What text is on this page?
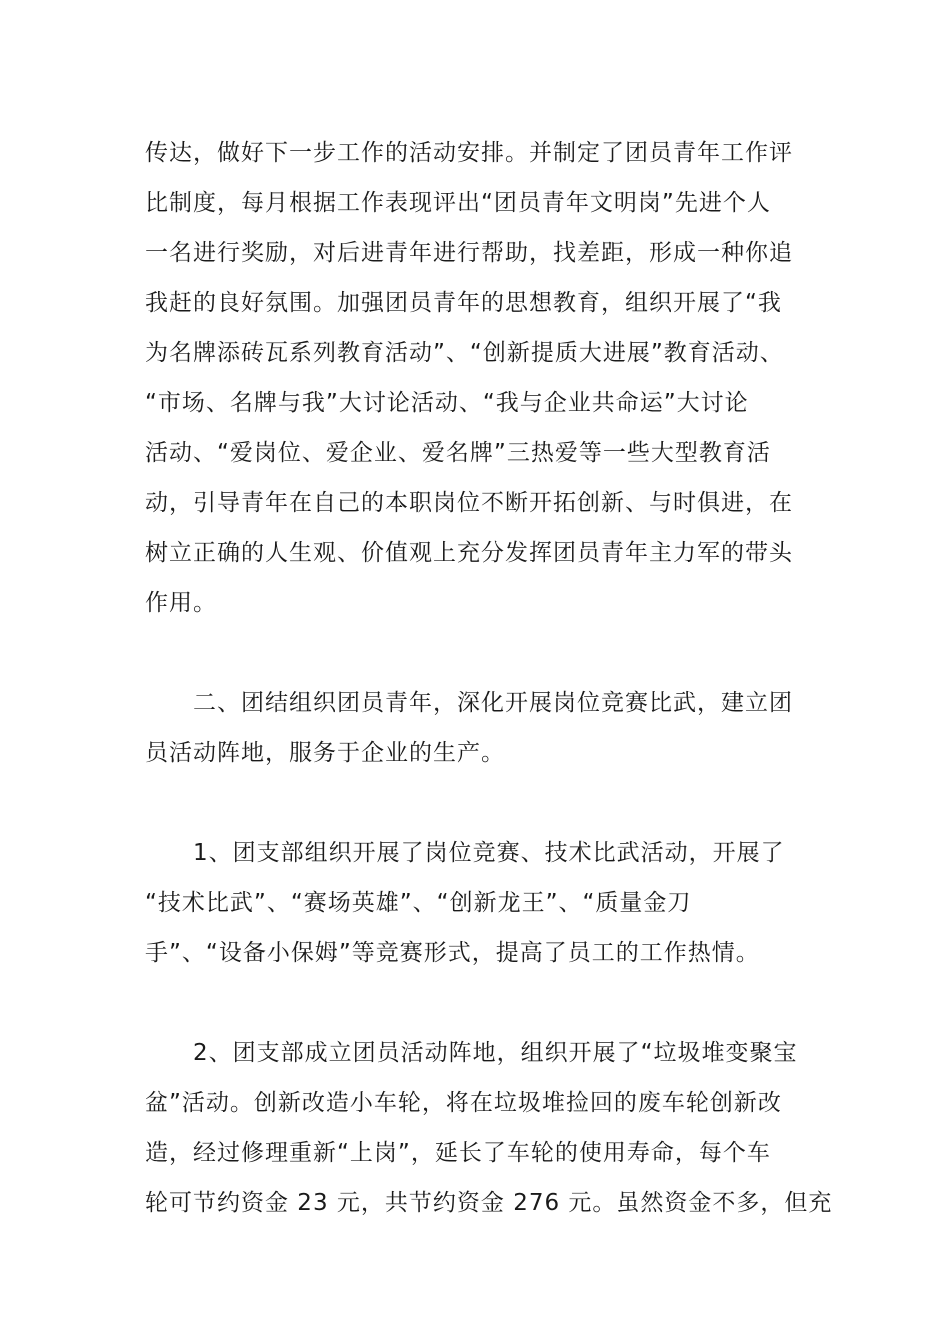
传达，做好下一步工作的活动安排。并制定了团员青年工作评
比制度，每月根据工作表现评出“团员青年文明岗”先进个人
一名进行奖励，对后进青年进行帮助，找差距，形成一种你追
我赶的良好氛围。加强团员青年的思想教育，组织开展了“我
为名牌添砖瓦系列教育活动”、“创新提质大进展”教育活动、
“市场、名牌与我”大讨论活动、“我与企业共命运”大讨论
活动、“爱岗位、爱企业、爱名牌”三热爱等一些大型教育活
动，引导青年在自己的本职岗位不断开拓创新、与时俱进，在
树立正确的人生观、价值观上充分发挥团员青年主力军的带头
作用。
　　二、团结组织团员青年，深化开展岗位竞赛比武，建立团
员活动阵地，服务于企业的生产。
　　1、团支部组织开展了岗位竞赛、技术比武活动，开展了
“技术比武”、“赛场英雄”、“创新龙王”、“质量金刀
手”、“设备小保姆”等竞赛形式，提高了员工的工作热情。
　　2、团支部成立团员活动阵地，组织开展了“垃圾堆变聚宝
盆”活动。创新改造小车轮，将在垃圾堆捡回的废车轮创新改
造，经过修理重新“上岗”，延长了车轮的使用寿命，每个车
轮可节约资金 23 元，共节约资金 276 元。虽然资金不多，但充
